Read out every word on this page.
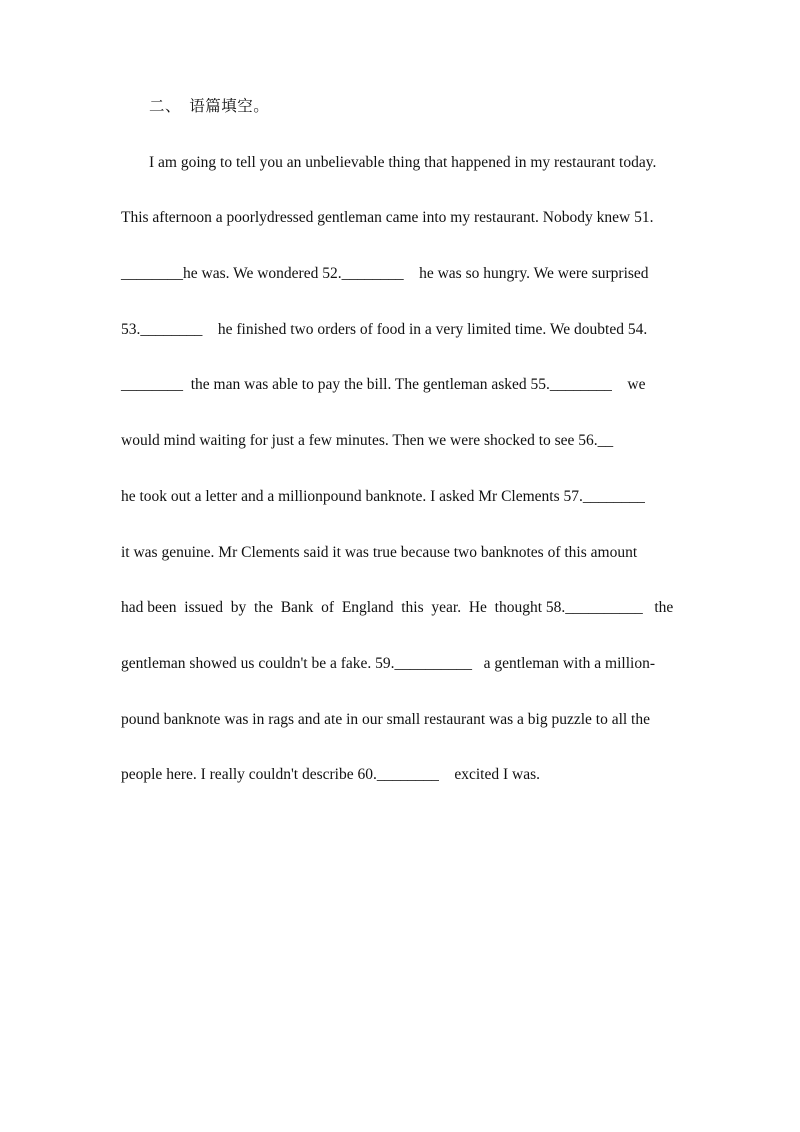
二、　语篇填空。
I am going to tell you an unbelievable thing that happened in my restaurant today.
This afternoon a poorlydressed gentleman came into my restaurant. Nobody knew 51.
________he was. We wondered 52.________    he was so hungry. We were surprised
53.________    he finished two orders of food in a very limited time. We doubted 54.
________  the man was able to pay the bill. The gentleman asked 55.________    we
would mind waiting for just a few minutes. Then we were shocked to see 56.__
he took out a letter and a millionpound banknote. I asked Mr Clements 57.________
it was genuine. Mr Clements said it was true because two banknotes of this amount
had been  issued  by  the  Bank  of  England  this  year.  He  thought 58.__________   the
gentleman showed us couldn't be a fake. 59.__________   a gentleman with a million-
pound banknote was in rags and ate in our small restaurant was a big puzzle to all the
people here. I really couldn't describe 60.________    excited I was.
